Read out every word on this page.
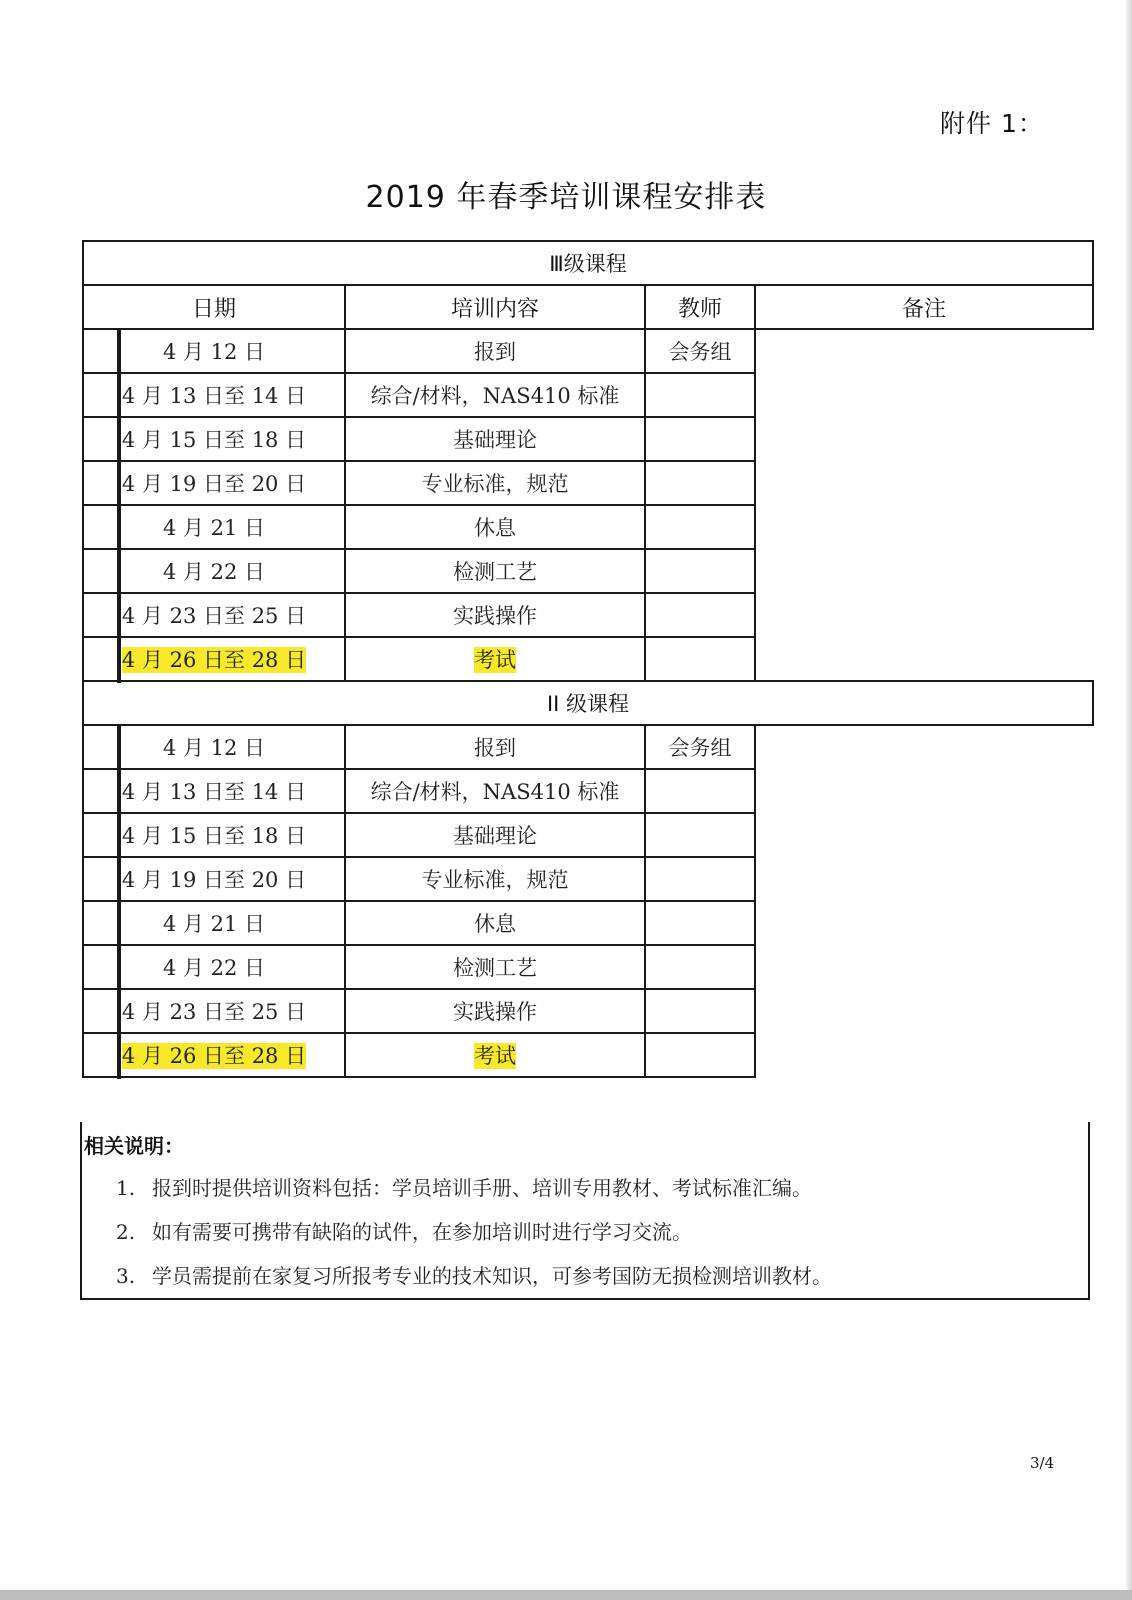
附件 1：
2019 年春季培训课程安排表
Ⅲ级课程			
日期	培训内容	教师	备注
4 月 12 日	报到	会务组	

4 月 13 日至 14 日	综合/材料，NAS410 标准		

4 月 15 日至 18 日	基础理论		

4 月 19 日至 20 日	专业标准，规范		

4 月 21 日	休息		

4 月 22 日	检测工艺		

4 月 23 日至 25 日	实践操作		

4 月 26 日至 28 日	考试		

II 级课程			
4 月 12 日	报到	会务组	

4 月 13 日至 14 日	综合/材料，NAS410 标准		

4 月 15 日至 18 日	基础理论		

4 月 19 日至 20 日	专业标准，规范		

4 月 21 日	休息		

4 月 22 日	检测工艺		

4 月 23 日至 25 日	实践操作		

4 月 26 日至 28 日	考试		
相关说明：
1. 报到时提供培训资料包括：学员培训手册、培训专用教材、考试标准汇编。
2. 如有需要可携带有缺陷的试件，在参加培训时进行学习交流。
3. 学员需提前在家复习所报考专业的技术知识，可参考国防无损检测培训教材。
3/4
